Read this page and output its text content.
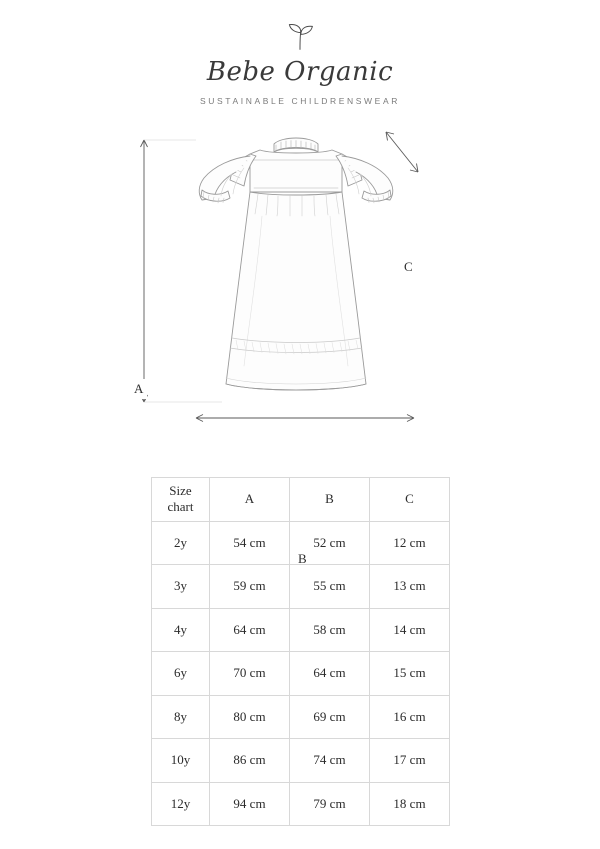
Bebe Organic
SUSTAINABLE CHILDRENSWEAR
A
B
C
Size
chart	A	B	C
2y	54 cm	52 cm	12 cm
3y	59 cm	55 cm	13 cm
4y	64 cm	58 cm	14 cm
6y	70 cm	64 cm	15 cm
8y	80 cm	69 cm	16 cm
10y	86 cm	74 cm	17 cm
12y	94 cm	79 cm	18 cm
